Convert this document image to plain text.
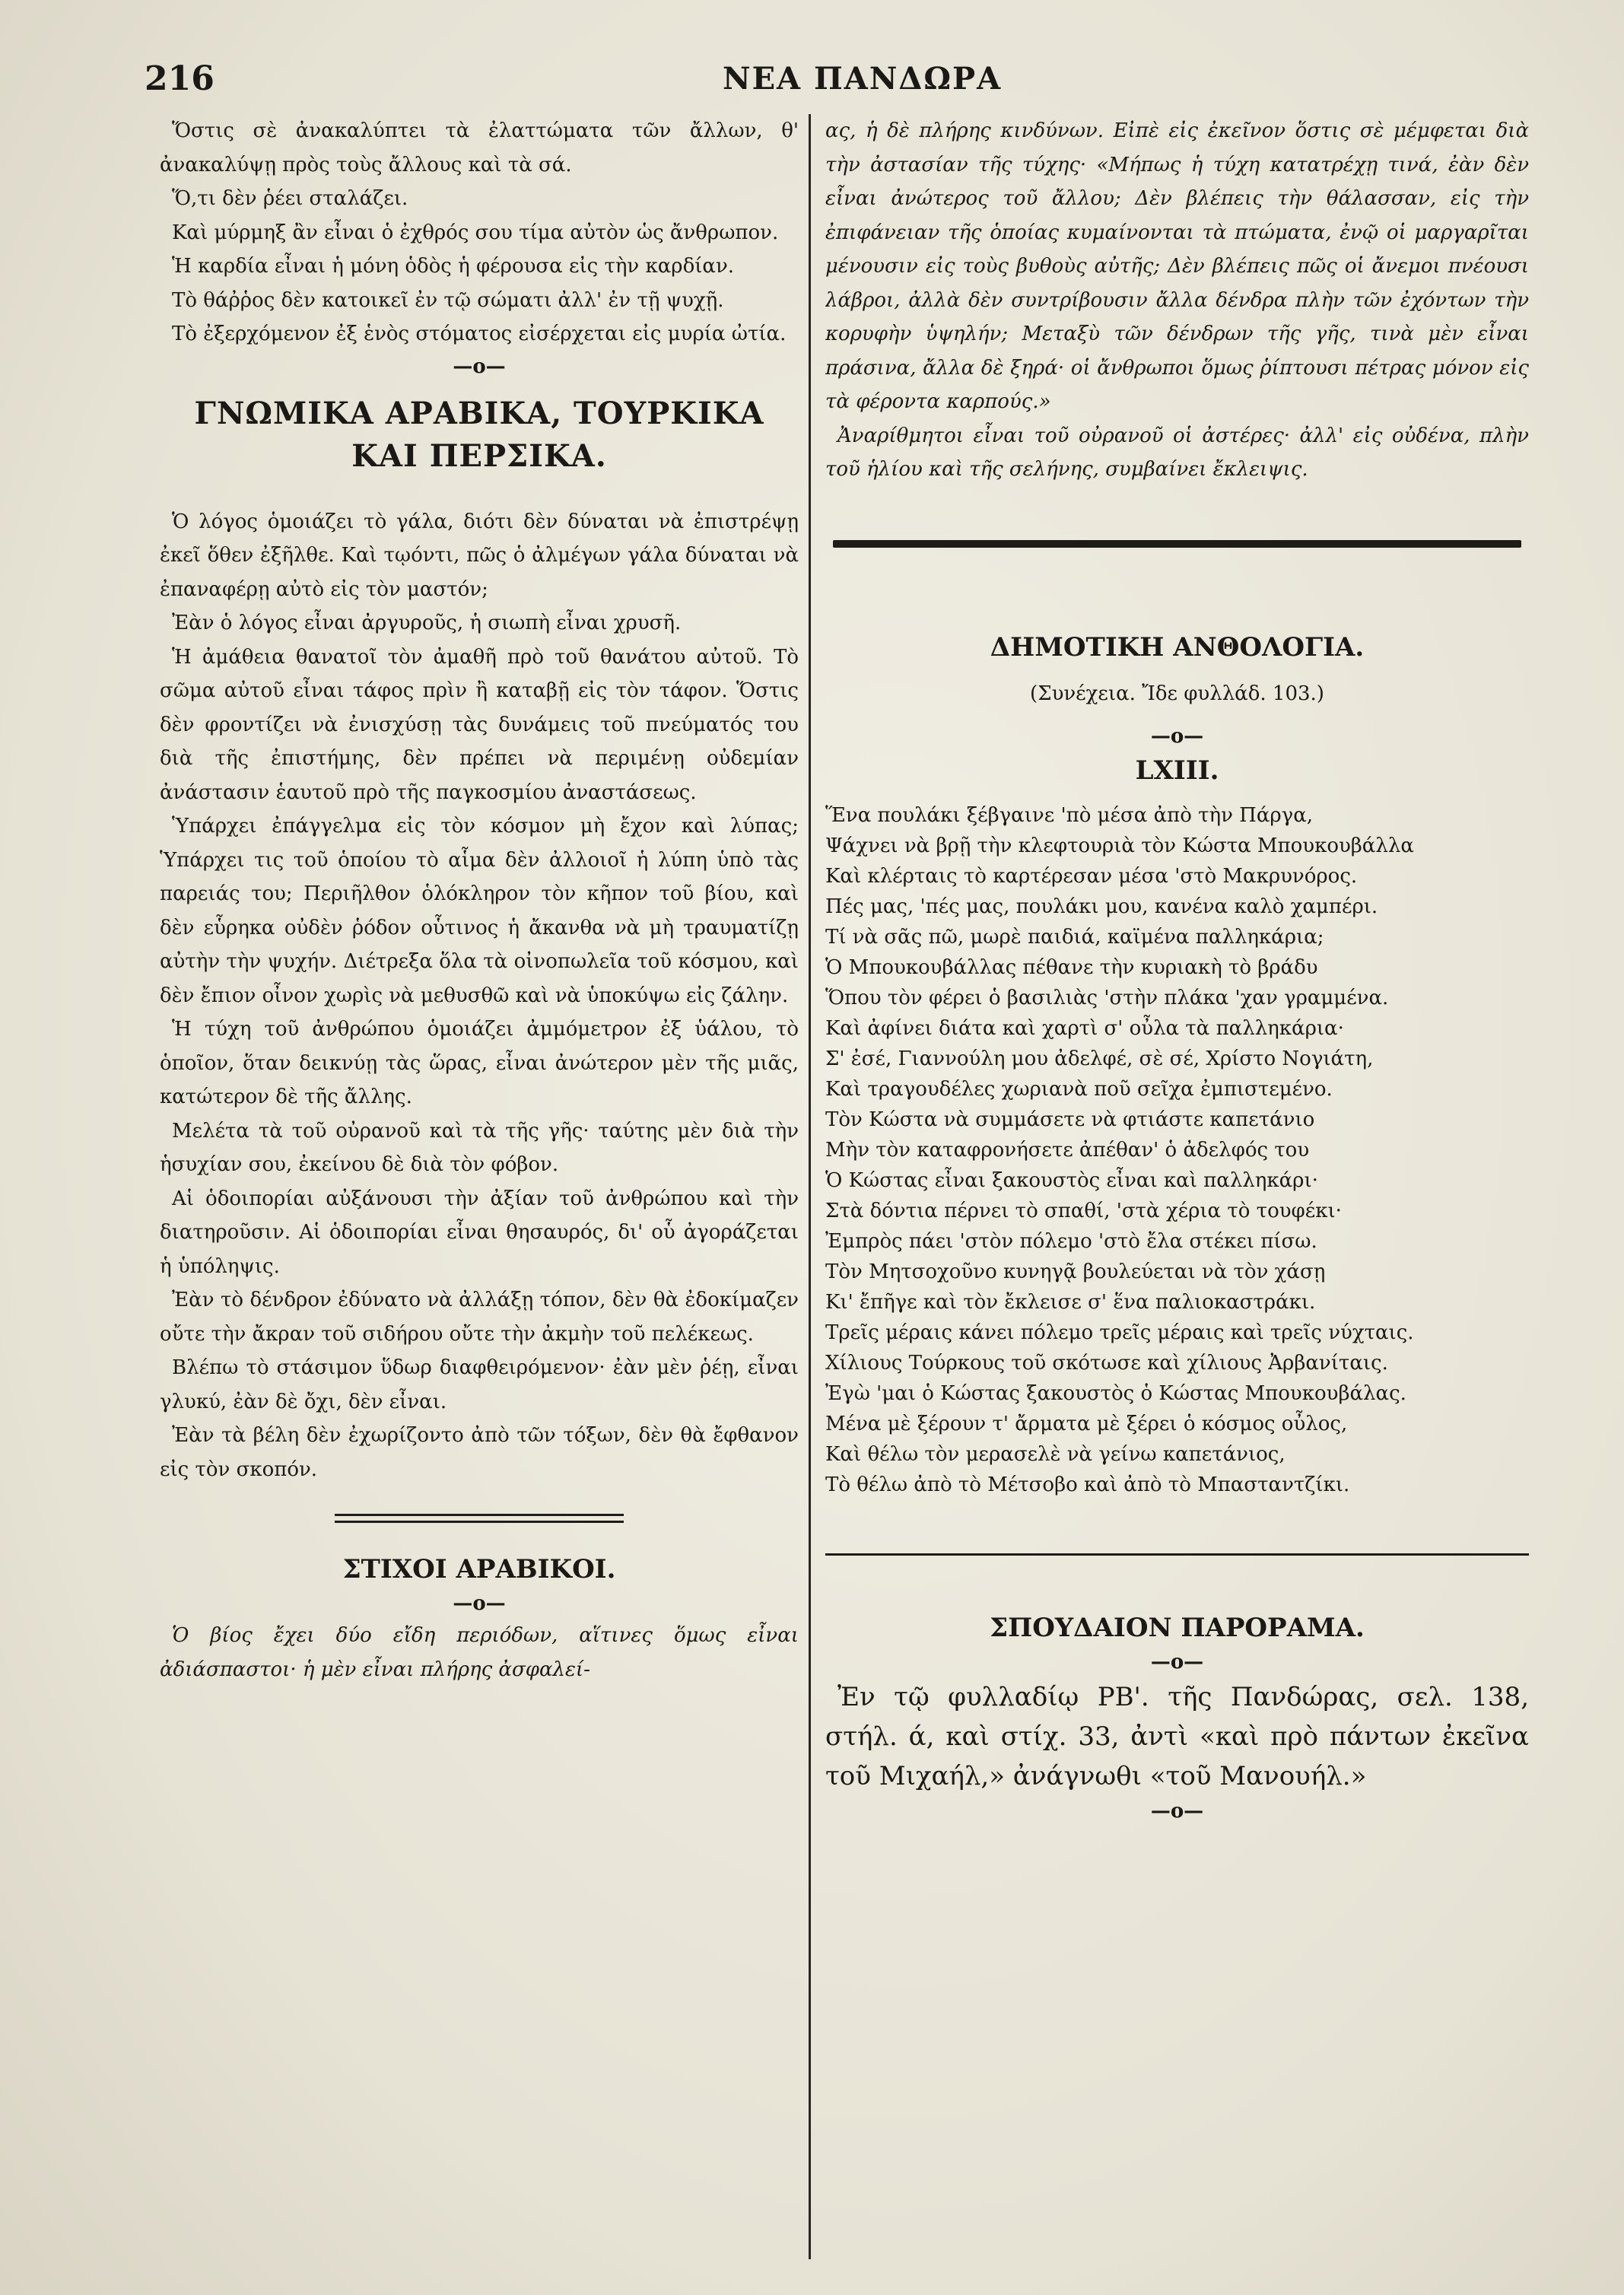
216	ΝΕΑ ΠΑΝΔΩΡΑ

Ὅστις σὲ ἀνακαλύπτει τὰ ἐλαττώματα τῶν ἄλλων, θ' ἀνακαλύψῃ πρὸς τοὺς ἄλλους καὶ τὰ σά.

Ὅ,τι δὲν ῥέει σταλάζει.

Καὶ μύρμηξ ἂν εἶναι ὁ ἐχθρός σου τίμα αὐτὸν ὡς ἄνθρωπον.

Ἡ καρδία εἶναι ἡ μόνη ὁδὸς ἡ φέρουσα εἰς τὴν καρδίαν.

Τὸ θάῤῥος δὲν κατοικεῖ ἐν τῷ σώματι ἀλλ' ἐν τῇ ψυχῇ.

Τὸ ἐξερχόμενον ἐξ ἑνὸς στόματος εἰσέρχεται εἰς μυρία ὠτία.

—o—
ΓΝΩΜΙΚΑ ΑΡΑΒΙΚΑ, ΤΟΥΡΚΙΚΑ
ΚΑΙ ΠΕΡΣΙΚΑ.

Ὁ λόγος ὁμοιάζει τὸ γάλα, διότι δὲν δύναται νὰ ἐπιστρέψῃ ἐκεῖ ὅθεν ἐξῆλθε. Καὶ τῳόντι, πῶς ὁ ἀλμέγων γάλα δύναται νὰ ἐπαναφέρῃ αὐτὸ εἰς τὸν μαστόν;

Ἐὰν ὁ λόγος εἶναι ἀργυροῦς, ἡ σιωπὴ εἶναι χρυσῆ.

Ἡ ἀμάθεια θανατοῖ τὸν ἀμαθῆ πρὸ τοῦ θανάτου αὐτοῦ. Τὸ σῶμα αὐτοῦ εἶναι τάφος πρὶν ἢ καταβῇ εἰς τὸν τάφον. Ὅστις δὲν φροντίζει νὰ ἐνισχύσῃ τὰς δυνάμεις τοῦ πνεύματός του διὰ τῆς ἐπιστήμης, δὲν πρέπει νὰ περιμένῃ οὐδεμίαν ἀνάστασιν ἑαυτοῦ πρὸ τῆς παγκοσμίου ἀναστάσεως.

Ὑπάρχει ἐπάγγελμα εἰς τὸν κόσμον μὴ ἔχον καὶ λύπας; Ὑπάρχει τις τοῦ ὁποίου τὸ αἷμα δὲν ἀλλοιοῖ ἡ λύπη ὑπὸ τὰς παρειάς του; Περιῆλθον ὁλόκληρον τὸν κῆπον τοῦ βίου, καὶ δὲν εὗρηκα οὐδὲν ῥόδον οὗτινος ἡ ἄκανθα νὰ μὴ τραυματίζῃ αὐτὴν τὴν ψυχήν. Διέτρεξα ὅλα τὰ οἰνοπωλεῖα τοῦ κόσμου, καὶ δὲν ἔπιον οἶνον χωρὶς νὰ μεθυσθῶ καὶ νὰ ὑποκύψω εἰς ζάλην.

Ἡ τύχη τοῦ ἀνθρώπου ὁμοιάζει ἀμμόμετρον ἐξ ὑάλου, τὸ ὁποῖον, ὅταν δεικνύῃ τὰς ὥρας, εἶναι ἀνώτερον μὲν τῆς μιᾶς, κατώτερον δὲ τῆς ἄλλης.

Μελέτα τὰ τοῦ οὐρανοῦ καὶ τὰ τῆς γῆς· ταύτης μὲν διὰ τὴν ἡσυχίαν σου, ἐκείνου δὲ διὰ τὸν φόβον.

Αἱ ὁδοιπορίαι αὐξάνουσι τὴν ἀξίαν τοῦ ἀνθρώπου καὶ τὴν διατηροῦσιν. Αἱ ὁδοιπορίαι εἶναι θησαυρός, δι' οὗ ἀγοράζεται ἡ ὑπόληψις.

Ἐὰν τὸ δένδρον ἐδύνατο νὰ ἀλλάξῃ τόπον, δὲν θὰ ἐδοκίμαζεν οὔτε τὴν ἄκραν τοῦ σιδήρου οὔτε τὴν ἀκμὴν τοῦ πελέκεως.

Βλέπω τὸ στάσιμον ὕδωρ διαφθειρόμενον· ἐὰν μὲν ῥέῃ, εἶναι γλυκύ, ἐὰν δὲ ὄχι, δὲν εἶναι.

Ἐὰν τὰ βέλη δὲν ἐχωρίζοντο ἀπὸ τῶν τόξων, δὲν θὰ ἔφθανον εἰς τὸν σκοπόν.

ΣΤΙΧΟΙ ΑΡΑΒΙΚΟΙ.
—o—

Ὁ βίος ἔχει δύο εἴδη περιόδων, αἵτινες ὅμως εἶναι ἀδιάσπαστοι· ἡ μὲν εἶναι πλήρης ἀσφαλεί-

ας, ἡ δὲ πλήρης κινδύνων. Εἰπὲ εἰς ἐκεῖνον ὅστις σὲ μέμφεται διὰ τὴν ἀστασίαν τῆς τύχης· «Μήπως ἡ τύχη κατατρέχῃ τινά, ἐὰν δὲν εἶναι ἀνώτερος τοῦ ἄλλου; Δὲν βλέπεις τὴν θάλασσαν, εἰς τὴν ἐπιφάνειαν τῆς ὁποίας κυμαίνονται τὰ πτώματα, ἐνῷ οἱ μαργαρῖται μένουσιν εἰς τοὺς βυθοὺς αὐτῆς; Δὲν βλέπεις πῶς οἱ ἄνεμοι πνέουσι λάβροι, ἀλλὰ δὲν συντρίβουσιν ἄλλα δένδρα πλὴν τῶν ἐχόντων τὴν κορυφὴν ὑψηλήν; Μεταξὺ τῶν δένδρων τῆς γῆς, τινὰ μὲν εἶναι πράσινα, ἄλλα δὲ ξηρά· οἱ ἄνθρωποι ὅμως ῥίπτουσι πέτρας μόνον εἰς τὰ φέροντα καρπούς.»

Ἀναρίθμητοι εἶναι τοῦ οὐρανοῦ οἱ ἀστέρες· ἀλλ' εἰς οὐδένα, πλὴν τοῦ ἡλίου καὶ τῆς σελήνης, συμβαίνει ἔκλειψις.

ΔΗΜΟΤΙΚΗ ΑΝΘΟΛΟΓΙΑ.

(Συνέχεια. Ἴδε φυλλάδ. 103.)

—o—
LXIII.

Ἕνα πουλάκι ξέβγαινε 'πὸ μέσα ἀπὸ τὴν Πάργα,

Ψάχνει νὰ βρῇ τὴν κλεφτουριὰ τὸν Κώστα Μπουκουβάλλα

Καὶ κλέρταις τὸ καρτέρεσαν μέσα 'στὸ Μακρυνόρος.

Πές μας, 'πές μας, πουλάκι μου, κανένα καλὸ χαμπέρι.

Τί νὰ σᾶς πῶ, μωρὲ παιδιά, καϊμένα παλληκάρια;

Ὁ Μπουκουβάλλας πέθανε τὴν κυριακὴ τὸ βράδυ

Ὅπου τὸν φέρει ὁ βασιλιὰς 'στὴν πλάκα 'χαν γραμμένα.

Καὶ ἀφίνει διάτα καὶ χαρτὶ σ' οὖλα τὰ παλληκάρια·

Σ' ἐσέ, Γιαννούλη μου ἀδελφέ, σὲ σέ, Χρίστο Νογιάτη,

Καὶ τραγουδέλες χωριανὰ ποῦ σεῖχα ἐμπιστεμένο.

Τὸν Κώστα νὰ συμμάσετε νὰ φτιάστε καπετάνιο

Μὴν τὸν καταφρονήσετε ἀπέθαν' ὁ ἀδελφός του

Ὁ Κώστας εἶναι ξακουστὸς εἶναι καὶ παλληκάρι·

Στὰ δόντια πέρνει τὸ σπαθί, 'στὰ χέρια τὸ τουφέκι·

Ἐμπρὸς πάει 'στὸν πόλεμο 'στὸ ἔλα στέκει πίσω.

Τὸν Μητσοχοῦνο κυνηγᾷ βουλεύεται νὰ τὸν χάσῃ

Κι' ἔπῆγε καὶ τὸν ἔκλεισε σ' ἕνα παλιοκαστράκι.

Τρεῖς μέραις κάνει πόλεμο τρεῖς μέραις καὶ τρεῖς νύχταις.

Χίλιους Τούρκους τοῦ σκότωσε καὶ χίλιους Ἀρβανίταις.

Ἐγὼ 'μαι ὁ Κώστας ξακουστὸς ὁ Κώστας Μπουκουβάλας.

Μένα μὲ ξέρουν τ' ἄρματα μὲ ξέρει ὁ κόσμος οὖλος,

Καὶ θέλω τὸν μερασελὲ νὰ γείνω καπετάνιος,

Τὸ θέλω ἀπὸ τὸ Μέτσοβο καὶ ἀπὸ τὸ Μπασταντζίκι.

ΣΠΟΥΔΑΙΟΝ ΠΑΡΟΡΑΜΑ.
—o—

Ἐν τῷ φυλλαδίῳ ΡΒ'. τῆς Πανδώρας, σελ. 138, στήλ. ά, καὶ στίχ. 33, ἀντὶ «καὶ πρὸ πάντων ἐκεῖνα τοῦ Μιχαήλ,» ἀνάγνωθι «τοῦ Μανουήλ.»

—o—
